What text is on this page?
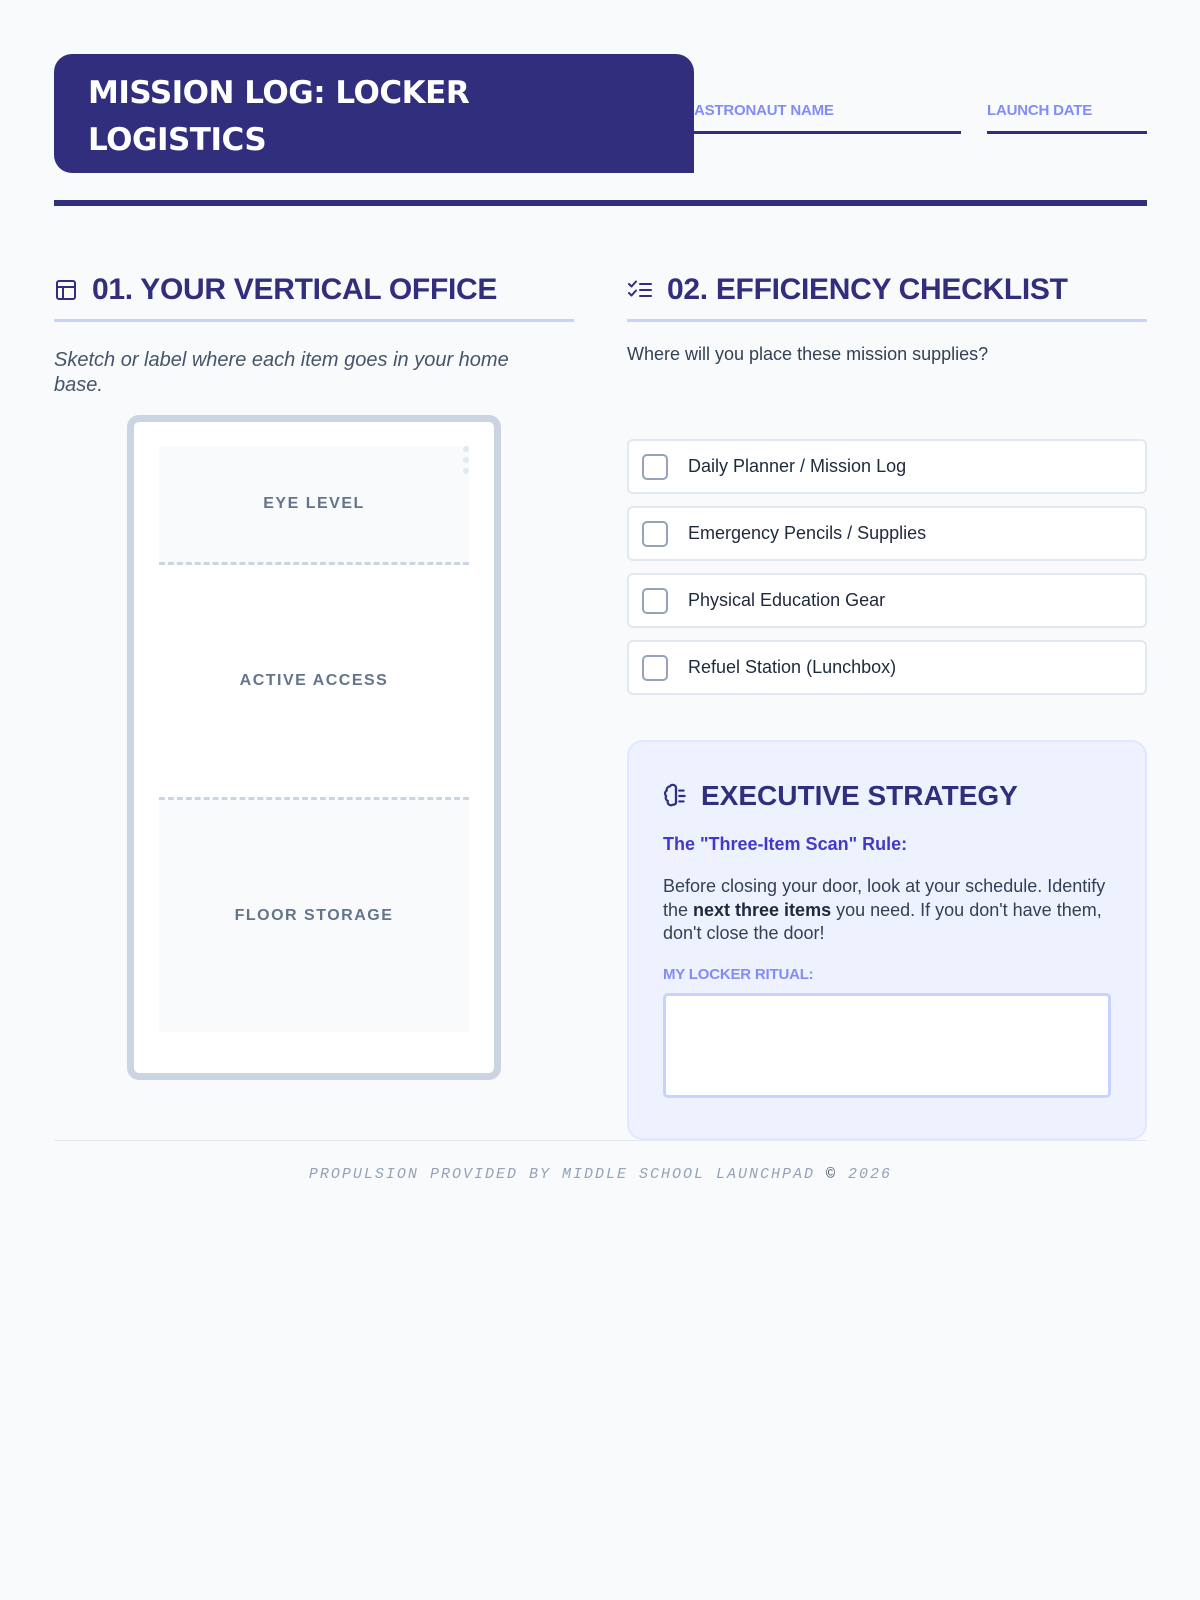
MISSION LOG: LOCKER
LOGISTICS
ASTRONAUT NAME	LAUNCH DATE
01. YOUR VERTICAL OFFICE

Sketch or label where each item goes in your home base.

EYE LEVEL
ACTIVE ACCESS
FLOOR STORAGE
02. EFFICIENCY CHECKLIST

Where will you place these mission supplies?

Daily Planner / Mission Log
Emergency Pencils / Supplies
Physical Education Gear
Refuel Station (Lunchbox)
EXECUTIVE STRATEGY

The "Three-Item Scan" Rule:

Before closing your door, look at your schedule. Identify the next three items you need. If you don't have them, don't close the door!

MY LOCKER RITUAL:

PROPULSION PROVIDED BY MIDDLE SCHOOL LAUNCHPAD © 2026
